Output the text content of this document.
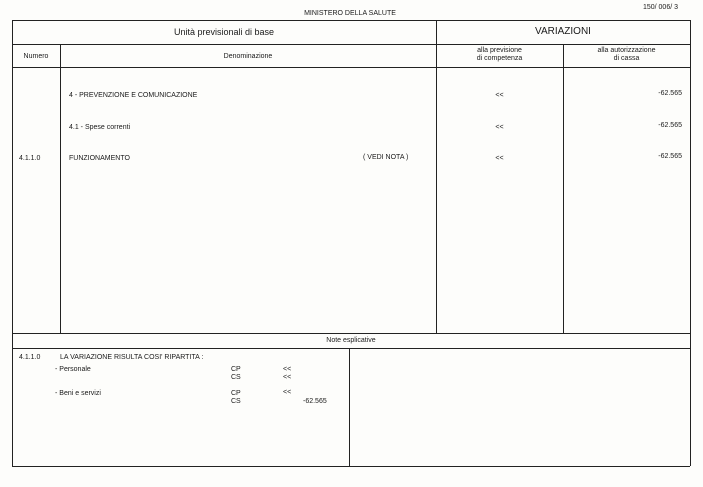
MINISTERO DELLA SALUTE
150/ 006/ 3
Unità previsionali di base	VARIAZIONI
Numero	Denominazione
alla previsione
di competenza
alla autorizzazione
di cassa
4 - PREVENZIONE E COMUNICAZIONE	<<	-62.565
4.1 - Spese correnti	<<	-62.565
4.1.1.0	FUNZIONAMENTO	( VEDI NOTA )	<<	-62.565
Note esplicative
4.1.1.0	LA VARIAZIONE RISULTA COSI' RIPARTITA :
- Personale	CP	<<
CS	<<
- Beni e servizi	CP	<<
CS	-62.565
